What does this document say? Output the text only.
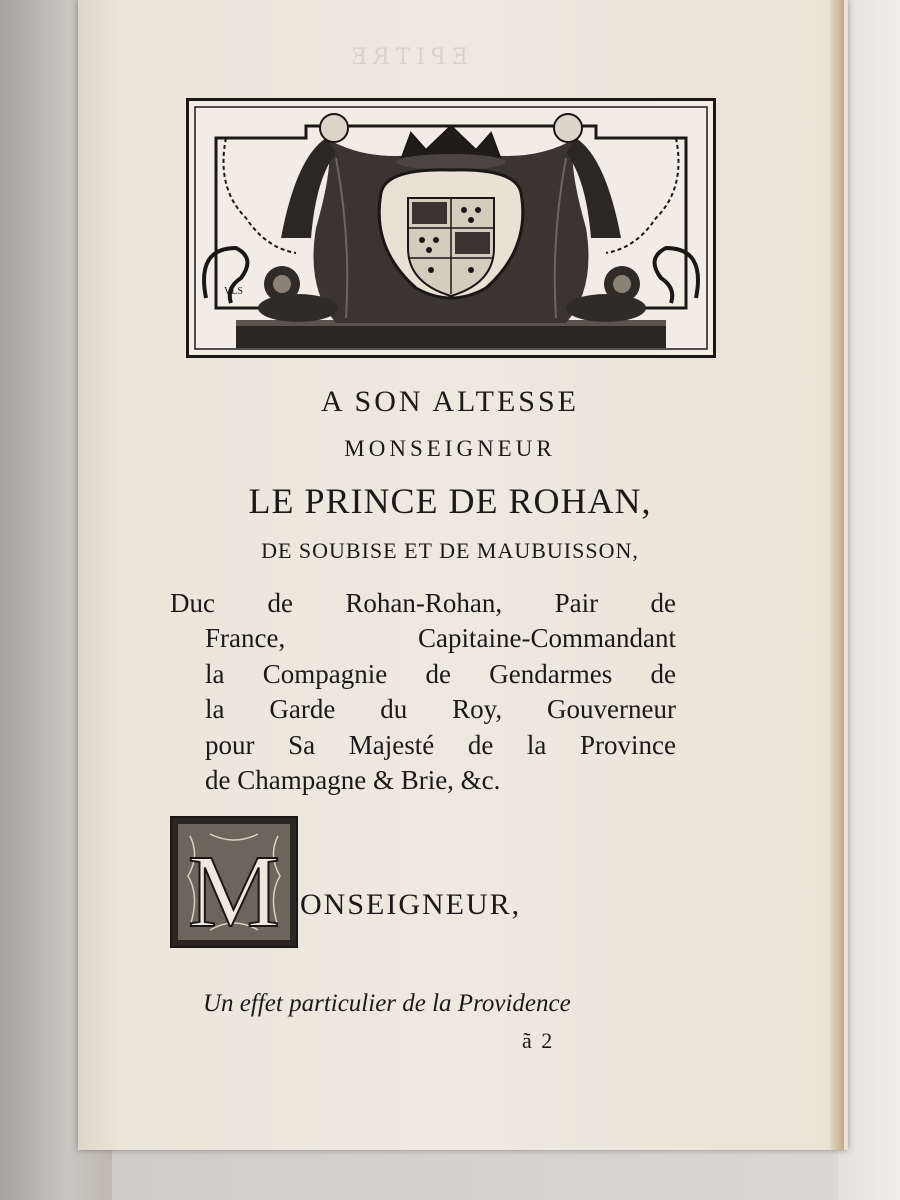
EPITRE
VLS
A SON ALTESSE
MONSEIGNEUR
LE PRINCE DE ROHAN,
DE SOUBISE ET DE MAUBUISSON,
Duc de Rohan-Rohan, Pair de
France, Capitaine-Commandant
la Compagnie de Gendarmes de
la Garde du Roy, Gouverneur
pour Sa Majesté de la Province
de Champagne & Brie, &c.
M ONSEIGNEUR,
Un effet particulier de la Providence
ã 2
